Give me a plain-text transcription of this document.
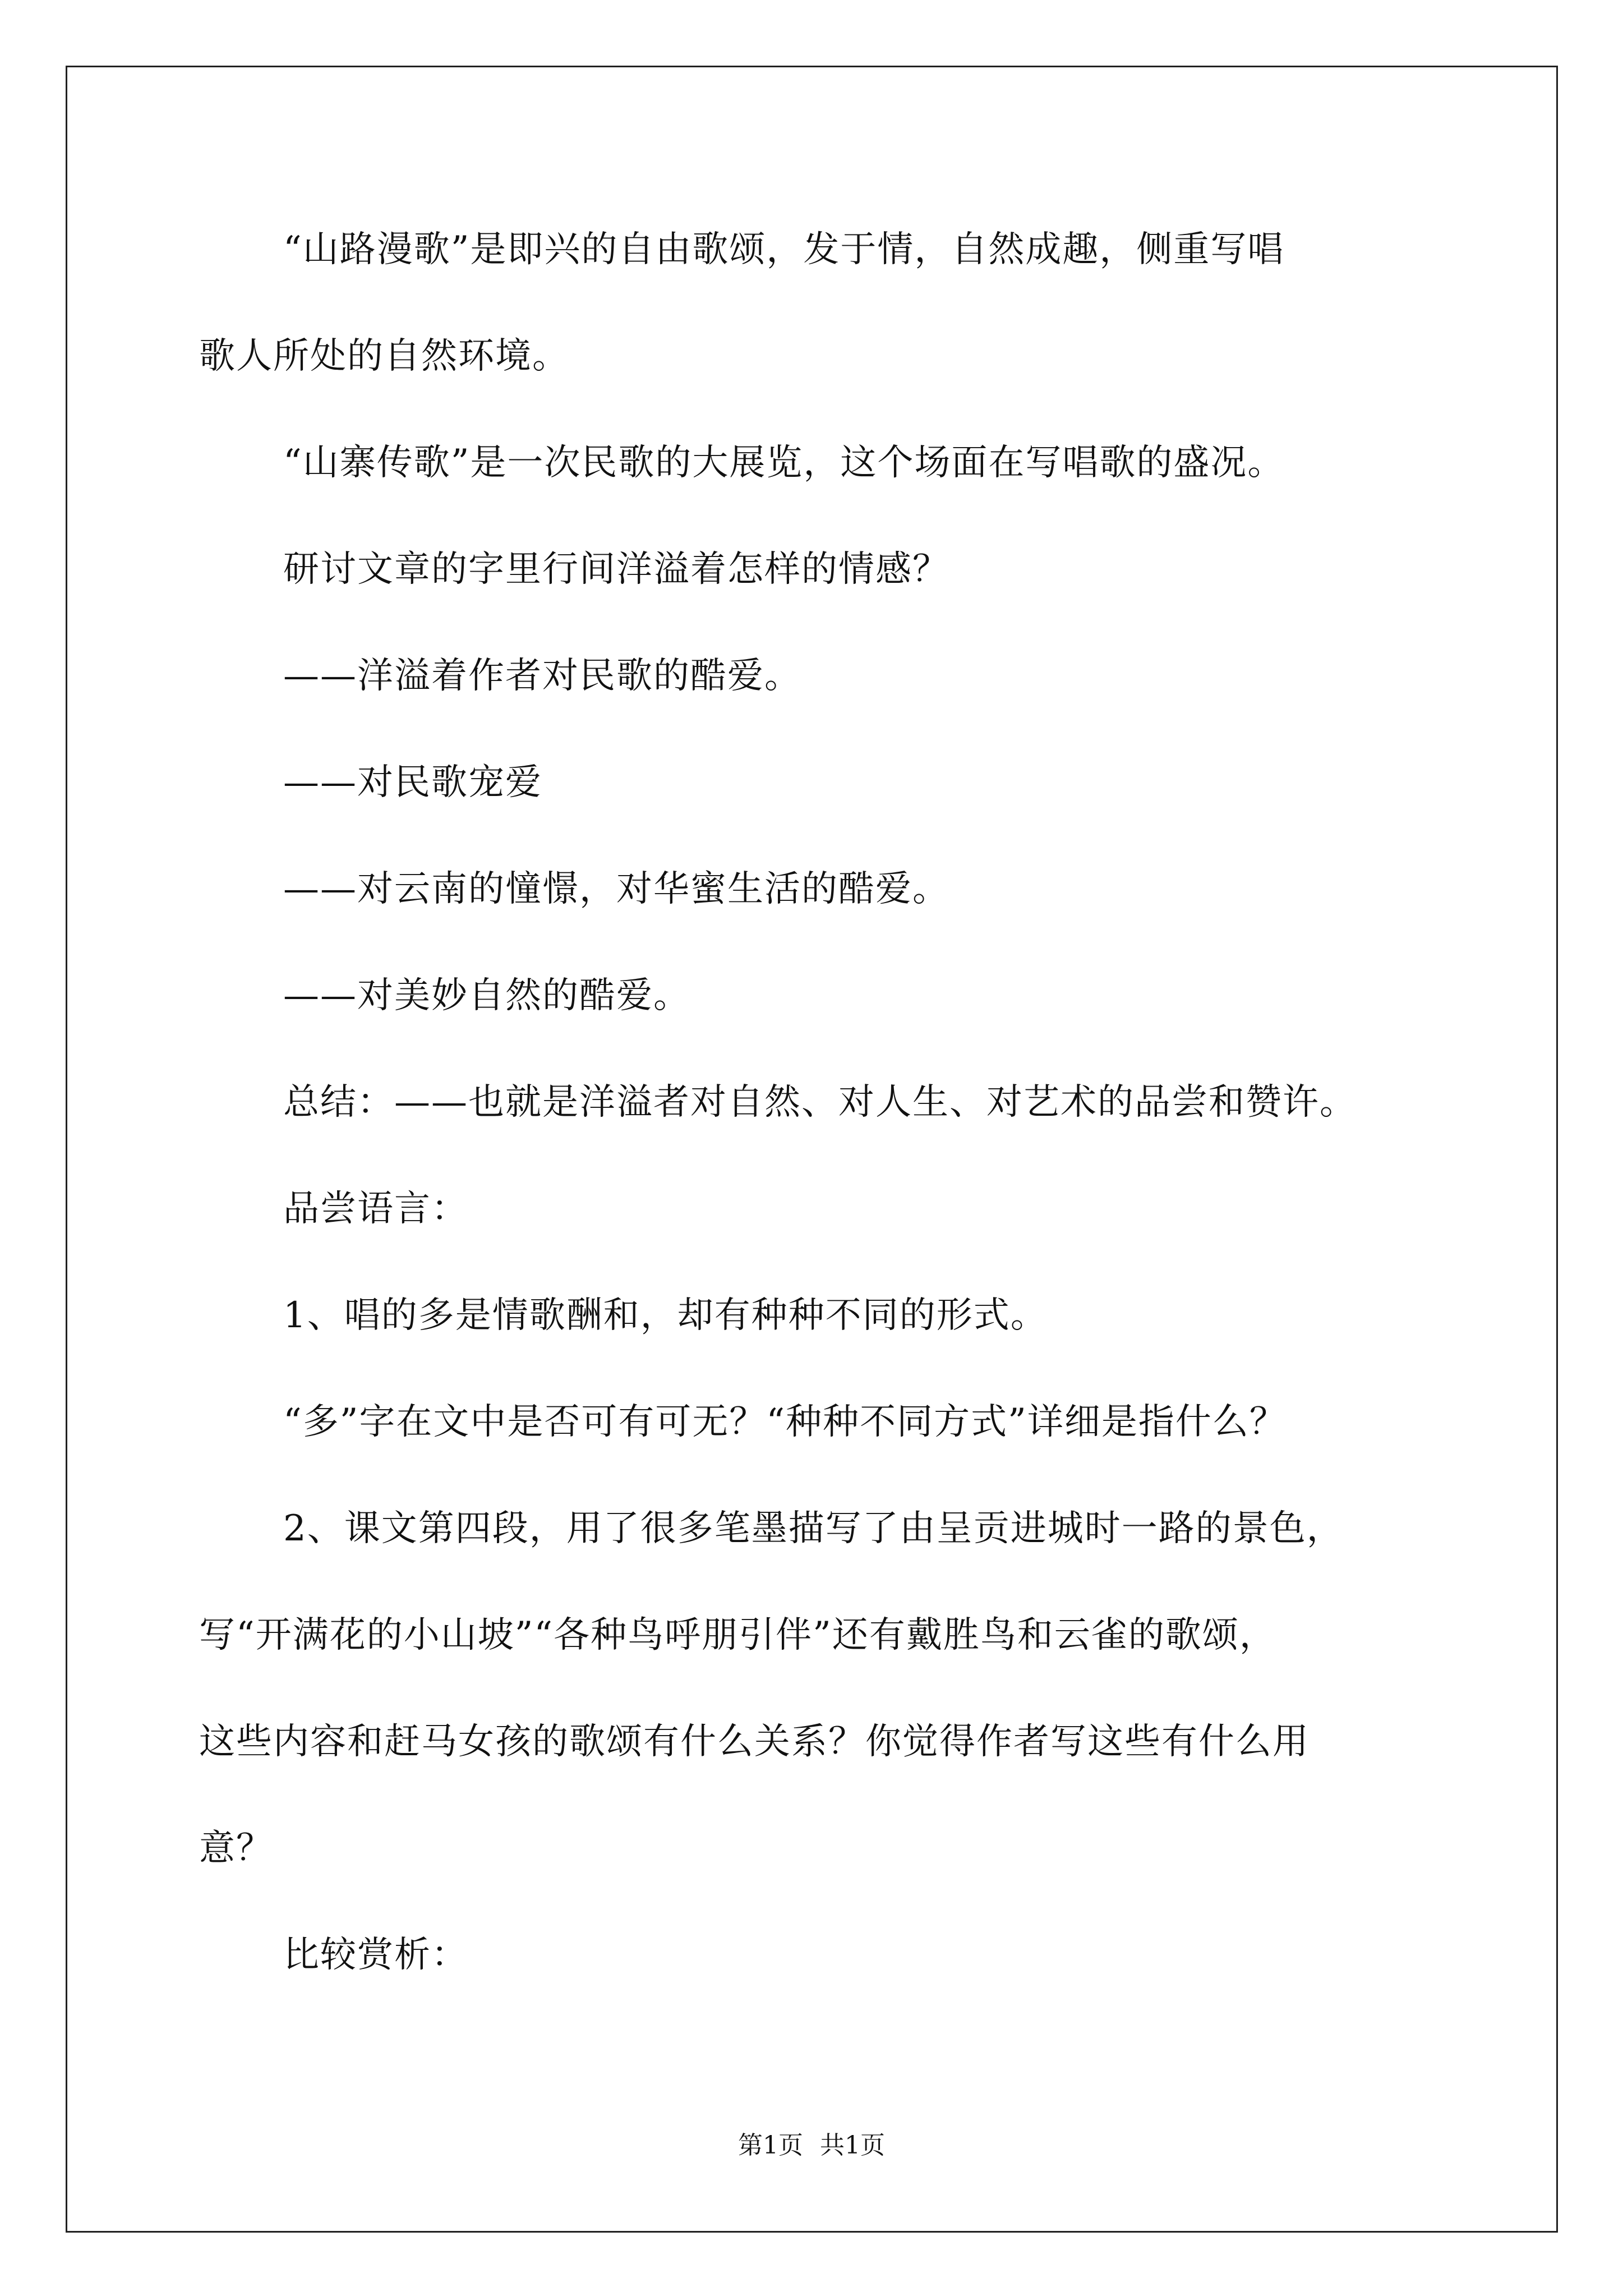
“山路漫歌”是即兴的自由歌颂，发于情，自然成趣，侧重写唱
歌人所处的自然环境。
“山寨传歌”是一次民歌的大展览，这个场面在写唱歌的盛况。
研讨文章的字里行间洋溢着怎样的情感？
——洋溢着作者对民歌的酷爱。
——对民歌宠爱
——对云南的憧憬，对华蜜生活的酷爱。
——对美妙自然的酷爱。
总结：——也就是洋溢者对自然、对人生、对艺术的品尝和赞许。
品尝语言：
1、唱的多是情歌酬和，却有种种不同的形式。
“多”字在文中是否可有可无？“种种不同方式”详细是指什么？
2、课文第四段，用了很多笔墨描写了由呈贡进城时一路的景色，
写“开满花的小山坡”“各种鸟呼朋引伴”还有戴胜鸟和云雀的歌颂，
这些内容和赶马女孩的歌颂有什么关系？你觉得作者写这些有什么用
意？
比较赏析：
第1页 共1页
